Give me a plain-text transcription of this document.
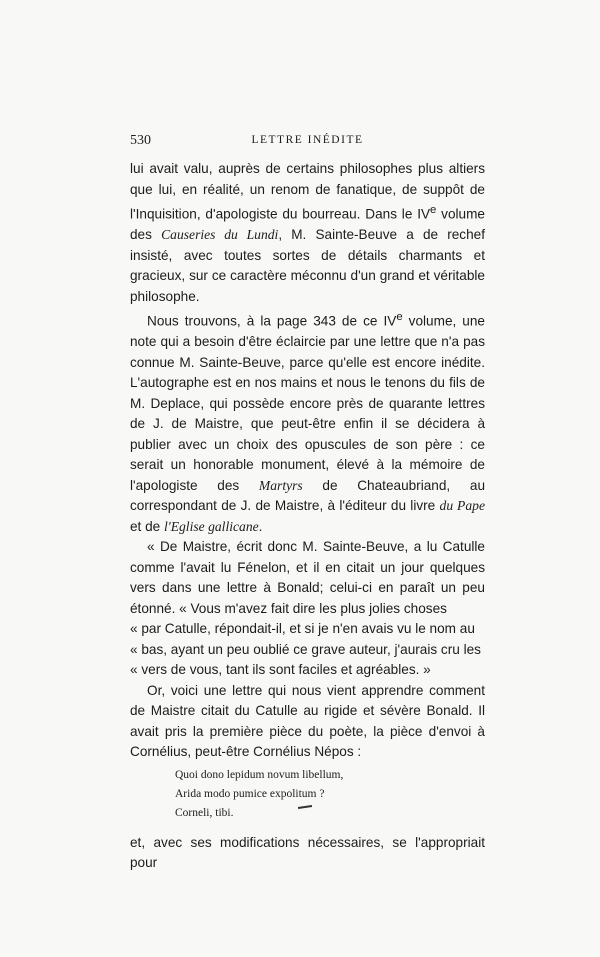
530	LETTRE INÉDITE

lui avait valu, auprès de certains philosophes plus altiers que lui, en réalité, un renom de fanatique, de suppôt de l'Inquisition, d'apologiste du bourreau. Dans le IVe volume des Causeries du Lundi, M. Sainte-Beuve a de rechef insisté, avec toutes sortes de détails charmants et gracieux, sur ce caractère méconnu d'un grand et véritable philosophe.

Nous trouvons, à la page 343 de ce IVe volume, une note qui a besoin d'être éclaircie par une lettre que n'a pas connue M. Sainte-Beuve, parce qu'elle est encore inédite. L'autographe est en nos mains et nous le tenons du fils de M. Deplace, qui possède encore près de quarante lettres de J. de Maistre, que peut-être enfin il se décidera à publier avec un choix des opuscules de son père : ce serait un honorable monument, élevé à la mémoire de l'apologiste des Martyrs de Chateaubriand, au correspondant de J. de Maistre, à l'éditeur du livre du Pape et de l'Eglise gallicane.

« De Maistre, écrit donc M. Sainte-Beuve, a lu Catulle comme l'avait lu Fénelon, et il en citait un jour quelques vers dans une lettre à Bonald; celui-ci en paraît un peu étonné. « Vous m'avez fait dire les plus jolies choses

« par Catulle, répondait-il, et si je n'en avais vu le nom au

« bas, ayant un peu oublié ce grave auteur, j'aurais cru les

« vers de vous, tant ils sont faciles et agréables. »

Or, voici une lettre qui nous vient apprendre comment de Maistre citait du Catulle au rigide et sévère Bonald. Il avait pris la première pièce du poète, la pièce d'envoi à Cornélius, peut-être Cornélius Népos :

Quoi dono lepidum novum libellum,
Arida modo pumice expolitum ?
Corneli, tibi.

et, avec ses modifications nécessaires, se l'appropriait pour
